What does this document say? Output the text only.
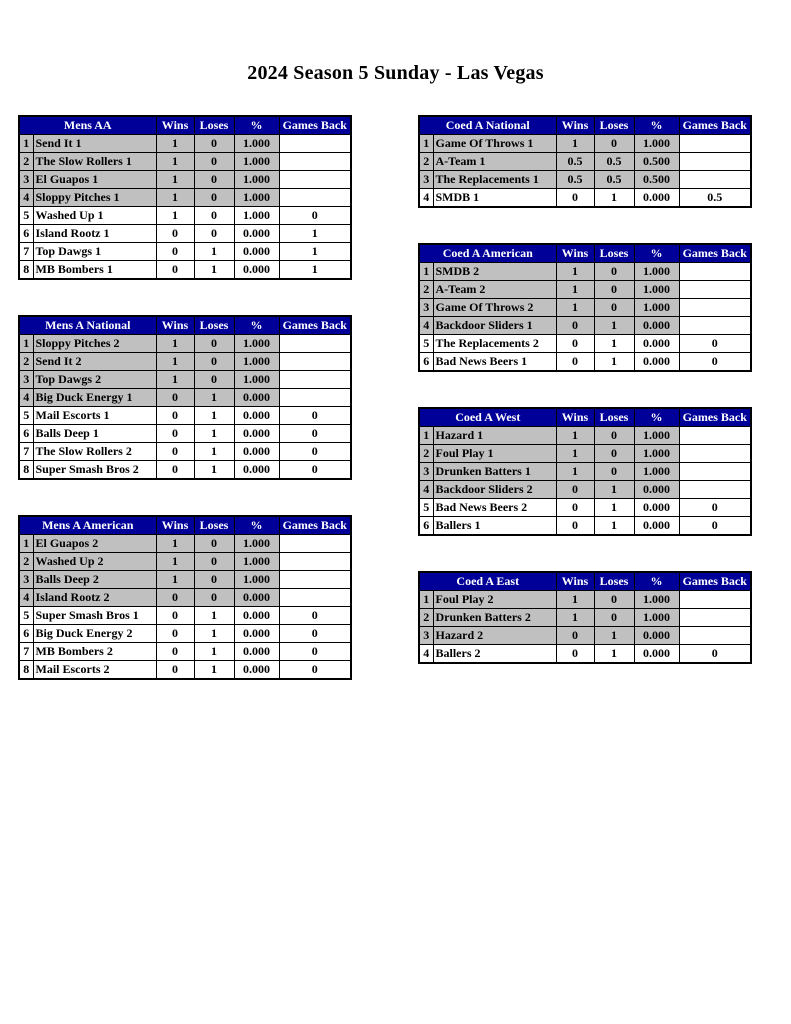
2024 Season 5 Sunday - Las Vegas
Mens AA		Wins	Loses	%	Games Back
1	Send It 1	1	0	1.000	
2	The Slow Rollers 1	1	0	1.000	
3	El Guapos 1	1	0	1.000	
4	Sloppy Pitches 1	1	0	1.000	
5	Washed Up 1	1	0	1.000	0
6	Island Rootz 1	0	0	0.000	1
7	Top Dawgs 1	0	1	0.000	1
8	MB Bombers 1	0	1	0.000	1
Mens A National		Wins	Loses	%	Games Back
1	Sloppy Pitches 2	1	0	1.000	
2	Send It 2	1	0	1.000	
3	Top Dawgs 2	1	0	1.000	
4	Big Duck Energy 1	0	1	0.000	
5	Mail Escorts 1	0	1	0.000	0
6	Balls Deep 1	0	1	0.000	0
7	The Slow Rollers 2	0	1	0.000	0
8	Super Smash Bros 2	0	1	0.000	0
Mens A American		Wins	Loses	%	Games Back
1	El Guapos 2	1	0	1.000	
2	Washed Up 2	1	0	1.000	
3	Balls Deep 2	1	0	1.000	
4	Island Rootz 2	0	0	0.000	
5	Super Smash Bros 1	0	1	0.000	0
6	Big Duck Energy 2	0	1	0.000	0
7	MB Bombers 2	0	1	0.000	0
8	Mail Escorts 2	0	1	0.000	0
Coed A National		Wins	Loses	%	Games Back
1	Game Of Throws 1	1	0	1.000	
2	A-Team 1	0.5	0.5	0.500	
3	The Replacements 1	0.5	0.5	0.500	
4	SMDB 1	0	1	0.000	0.5
Coed A American		Wins	Loses	%	Games Back
1	SMDB 2	1	0	1.000	
2	A-Team 2	1	0	1.000	
3	Game Of Throws 2	1	0	1.000	
4	Backdoor Sliders 1	0	1	0.000	
5	The Replacements 2	0	1	0.000	0
6	Bad News Beers 1	0	1	0.000	0
Coed A West		Wins	Loses	%	Games Back
1	Hazard 1	1	0	1.000	
2	Foul Play 1	1	0	1.000	
3	Drunken Batters 1	1	0	1.000	
4	Backdoor Sliders 2	0	1	0.000	
5	Bad News Beers 2	0	1	0.000	0
6	Ballers 1	0	1	0.000	0
Coed A East		Wins	Loses	%	Games Back
1	Foul Play 2	1	0	1.000	
2	Drunken Batters 2	1	0	1.000	
3	Hazard 2	0	1	0.000	
4	Ballers 2	0	1	0.000	0
